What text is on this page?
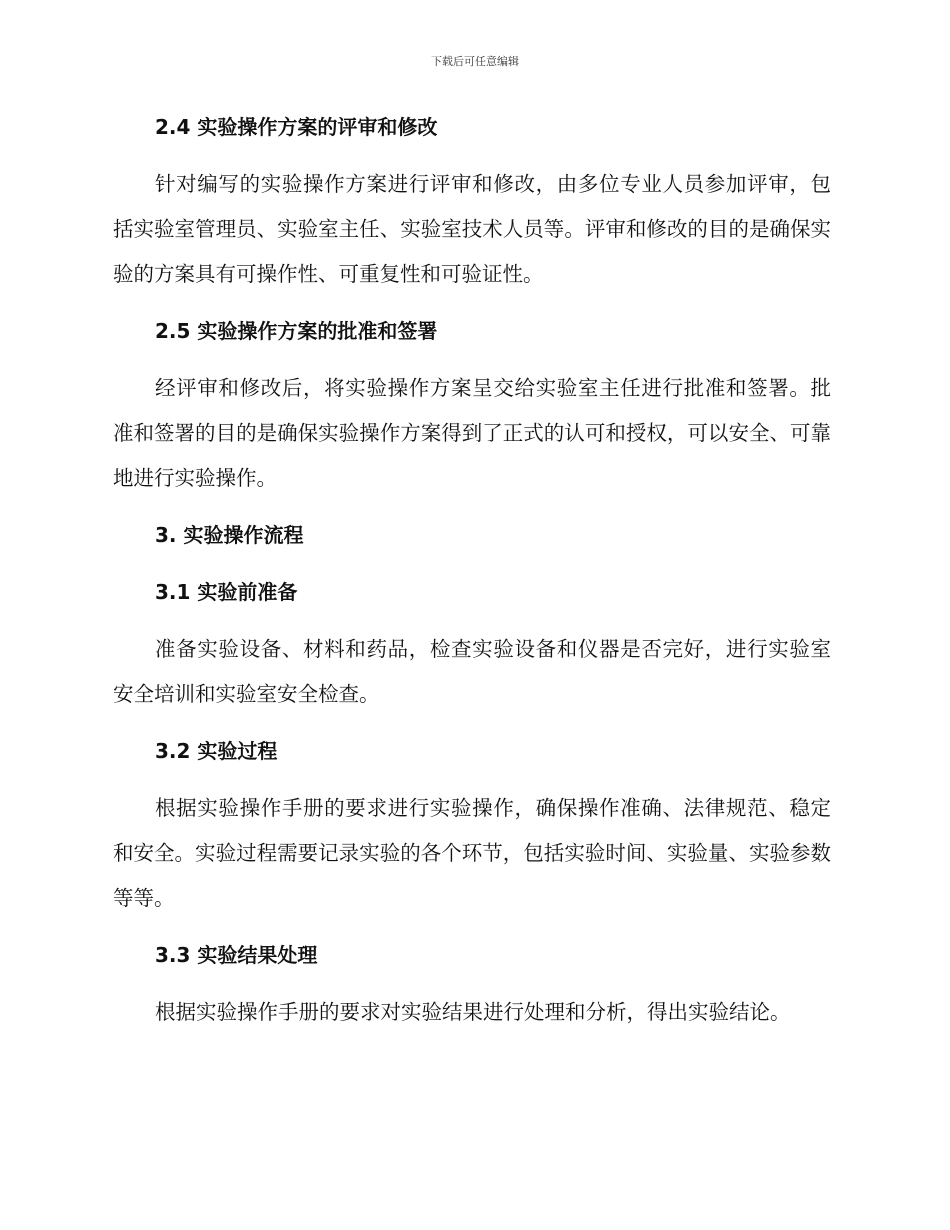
下载后可任意编辑
2.4 实验操作方案的评审和修改

针对编写的实验操作方案进行评审和修改，由多位专业人员参加评审，包括实验室管理员、实验室主任、实验室技术人员等。评审和修改的目的是确保实验的方案具有可操作性、可重复性和可验证性。

2.5 实验操作方案的批准和签署

经评审和修改后，将实验操作方案呈交给实验室主任进行批准和签署。批准和签署的目的是确保实验操作方案得到了正式的认可和授权，可以安全、可靠地进行实验操作。

3. 实验操作流程
3.1 实验前准备

准备实验设备、材料和药品，检查实验设备和仪器是否完好，进行实验室安全培训和实验室安全检查。

3.2 实验过程

根据实验操作手册的要求进行实验操作，确保操作准确、法律规范、稳定和安全。实验过程需要记录实验的各个环节，包括实验时间、实验量、实验参数等等。

3.3 实验结果处理

根据实验操作手册的要求对实验结果进行处理和分析，得出实验结论。
